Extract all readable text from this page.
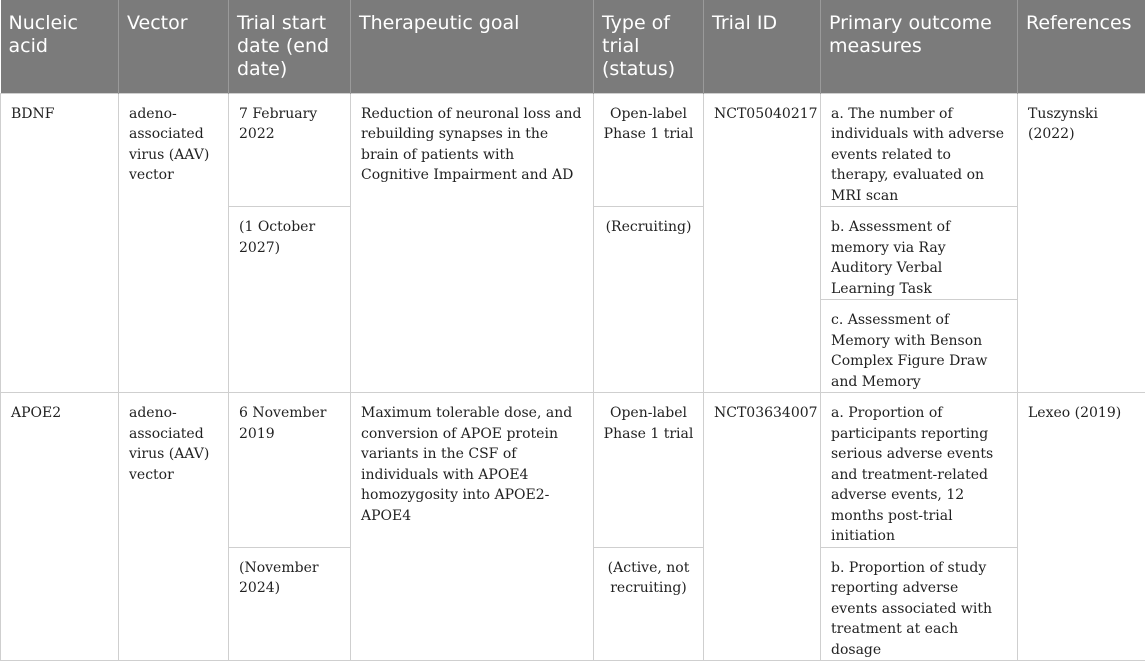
Nucleic acid	Vector	Trial start date (end date)	Therapeutic goal	Type of trial (status)	Trial ID	Primary outcome measures	References
BDNF	adeno-associated virus (AAV) vector	7 February 2022	Reduction of neuronal loss and rebuilding synapses in the brain of patients with Cognitive Impairment and AD	Open-label Phase 1 trial	NCT05040217	a. The number of individuals with adverse events related to therapy, evaluated on MRI scan	Tuszynski (2022)
		(1 October 2027)		(Recruiting)		b. Assessment of memory via Ray Auditory Verbal Learning Task	
						c. Assessment of Memory with Benson Complex Figure Draw and Memory	
APOE2	adeno-associated virus (AAV) vector	6 November 2019	Maximum tolerable dose, and conversion of APOE protein variants in the CSF of individuals with APOE4 homozygosity into APOE2-APOE4	Open-label Phase 1 trial	NCT03634007	a. Proportion of participants reporting serious adverse events and treatment-related adverse events, 12 months post-trial initiation	Lexeo (2019)
		(November 2024)		(Active, not recruiting)		b. Proportion of study reporting adverse events associated with treatment at each dosage	
